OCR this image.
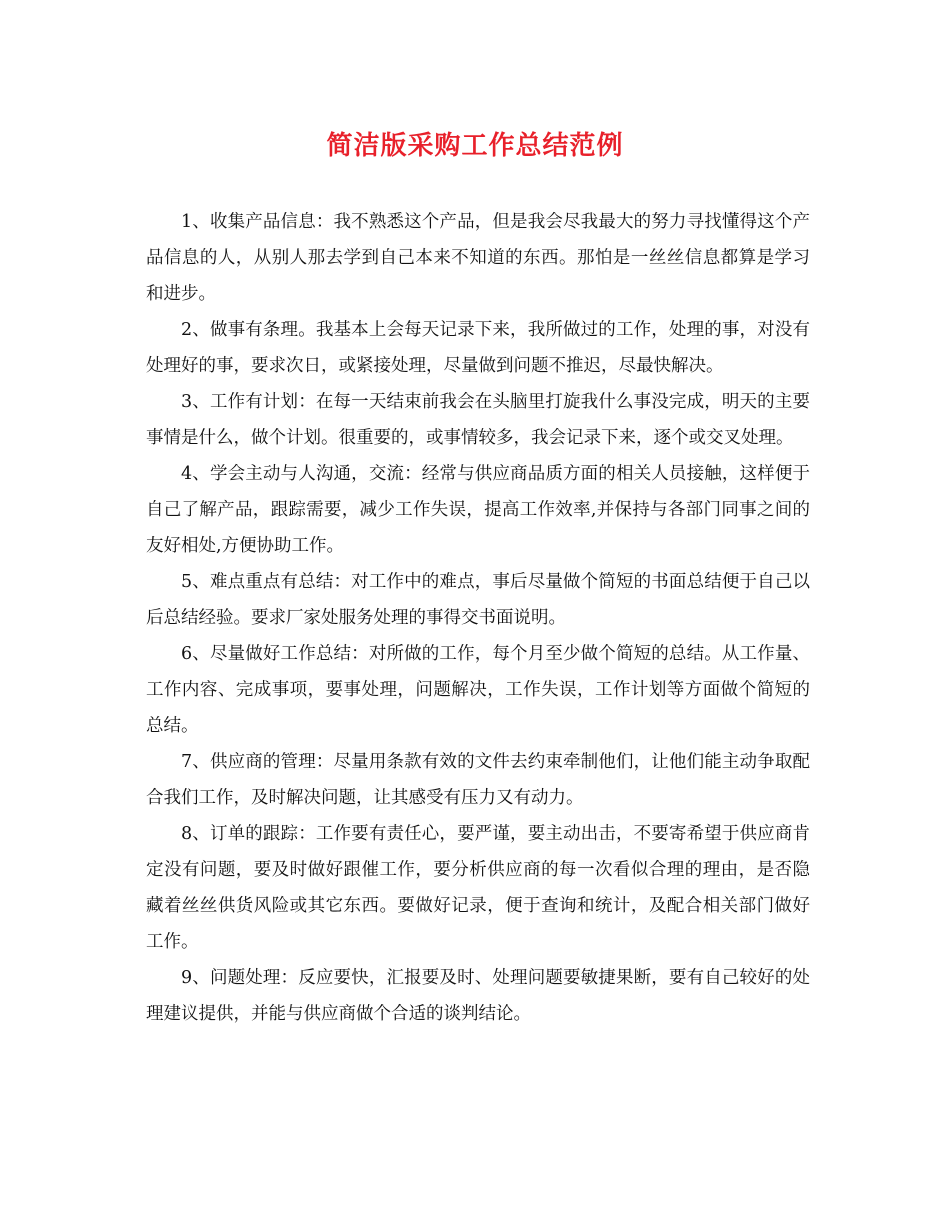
简洁版采购工作总结范例

1、收集产品信息：我不熟悉这个产品，但是我会尽我最大的努力寻找懂得这个产品信息的人，从别人那去学到自己本来不知道的东西。那怕是一丝丝信息都算是学习和进步。

2、做事有条理。我基本上会每天记录下来，我所做过的工作，处理的事，对没有处理好的事，要求次日，或紧接处理，尽量做到问题不推迟，尽最快解决。

3、工作有计划：在每一天结束前我会在头脑里打旋我什么事没完成，明天的主要事情是什么，做个计划。很重要的，或事情较多，我会记录下来，逐个或交叉处理。

4、学会主动与人沟通，交流：经常与供应商品质方面的相关人员接触，这样便于自己了解产品，跟踪需要，减少工作失误，提高工作效率,并保持与各部门同事之间的友好相处,方便协助工作。

5、难点重点有总结：对工作中的难点，事后尽量做个简短的书面总结便于自己以后总结经验。要求厂家处服务处理的事得交书面说明。

6、尽量做好工作总结：对所做的工作，每个月至少做个简短的总结。从工作量、工作内容、完成事项，要事处理，问题解决，工作失误，工作计划等方面做个简短的总结。

7、供应商的管理：尽量用条款有效的文件去约束牵制他们，让他们能主动争取配合我们工作，及时解决问题，让其感受有压力又有动力。

8、订单的跟踪：工作要有责任心，要严谨，要主动出击，不要寄希望于供应商肯定没有问题，要及时做好跟催工作，要分析供应商的每一次看似合理的理由，是否隐藏着丝丝供货风险或其它东西。要做好记录，便于查询和统计，及配合相关部门做好工作。

9、问题处理：反应要快，汇报要及时、处理问题要敏捷果断，要有自己较好的处理建议提供，并能与供应商做个合适的谈判结论。
